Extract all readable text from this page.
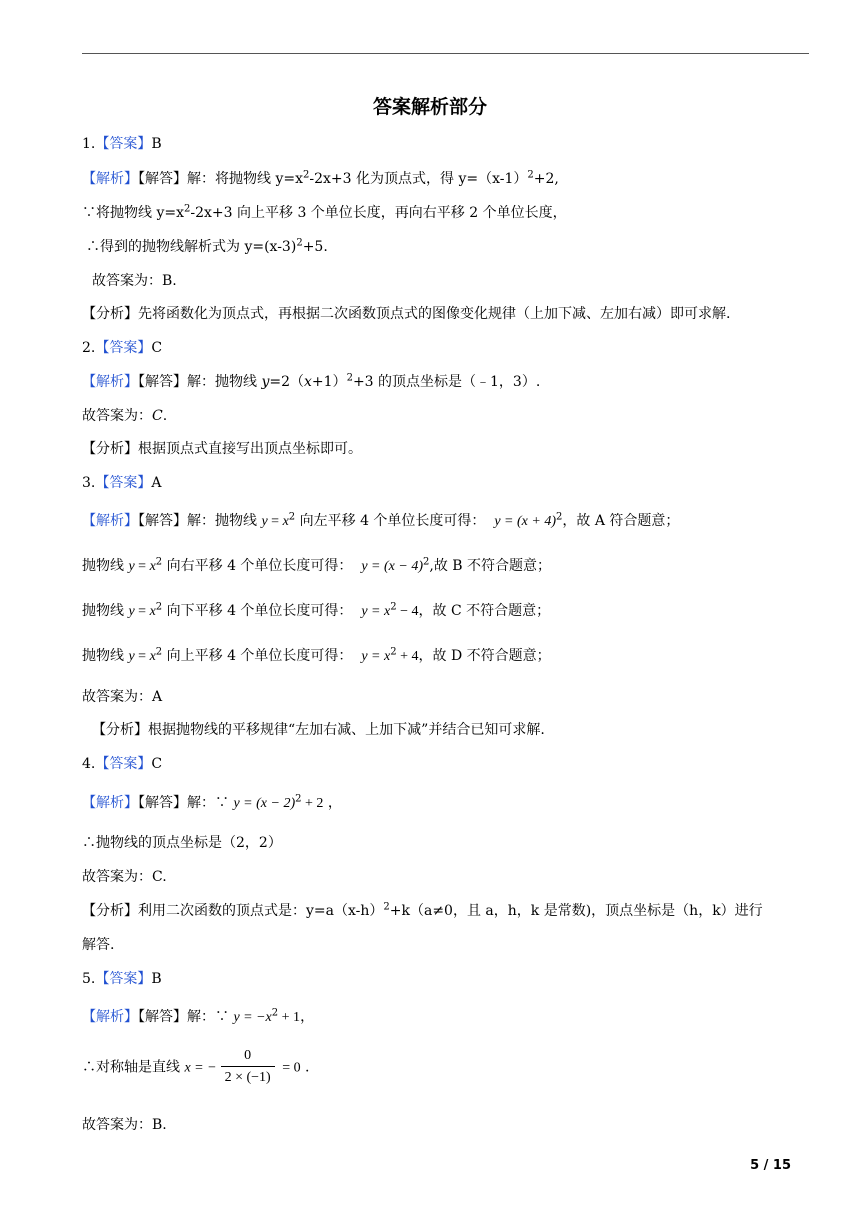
答案解析部分
1.【答案】B
【解析】【解答】解：将抛物线 $y=x^2-2x+3$ 化为顶点式，得 $y=(x-1)^2+2$,
∵将抛物线 $y=x^2-2x+3$ 向上平移 3 个单位长度，再向右平移 2 个单位长度，
∴得到的抛物线解析式为 $y=(x-3)^2+5$.
故答案为：B.
【分析】先将函数化为顶点式，再根据二次函数顶点式的图像变化规律（上加下减、左加右减）即可求解.
2.【答案】C
【解析】【解答】解：抛物线 $y=2(x+1)^2+3$ 的顶点坐标是（﹣1，3）.
故答案为：C.
【分析】根据顶点式直接写出顶点坐标即可。
3.【答案】A
【解析】【解答】解：抛物线 $y = x^2$ 向左平移 4 个单位长度可得： $y = (x + 4)^2$，故 A 符合题意；
抛物线 $y = x^2$ 向右平移 4 个单位长度可得： $y = (x - 4)^2$,故 B 不符合题意；
抛物线 $y = x^2$ 向下平移 4 个单位长度可得： $y = x^2 - 4$，故 C 不符合题意；
抛物线 $y = x^2$ 向上平移 4 个单位长度可得： $y = x^2 + 4$，故 D 不符合题意；
故答案为：A
【分析】根据抛物线的平移规律“左加右减、上加下减”并结合已知可求解.
4.【答案】C
【解析】【解答】解：∵ $y = (x - 2)^2 + 2$ ，
∴抛物线的顶点坐标是（2，2）
故答案为：C.
【分析】利用二次函数的顶点式是：$y=a(x-h)^2+k(a\ne 0$，且 a，h，k 是常数)，顶点坐标是（h，k）进行
解答.
5.【答案】B
【解析】【解答】解：∵ $y = -x^2 + 1$，
∴对称轴是直线 x = − $\frac{0}{2 \times (-1)} = 0$ .
故答案为：B.
5 / 15
